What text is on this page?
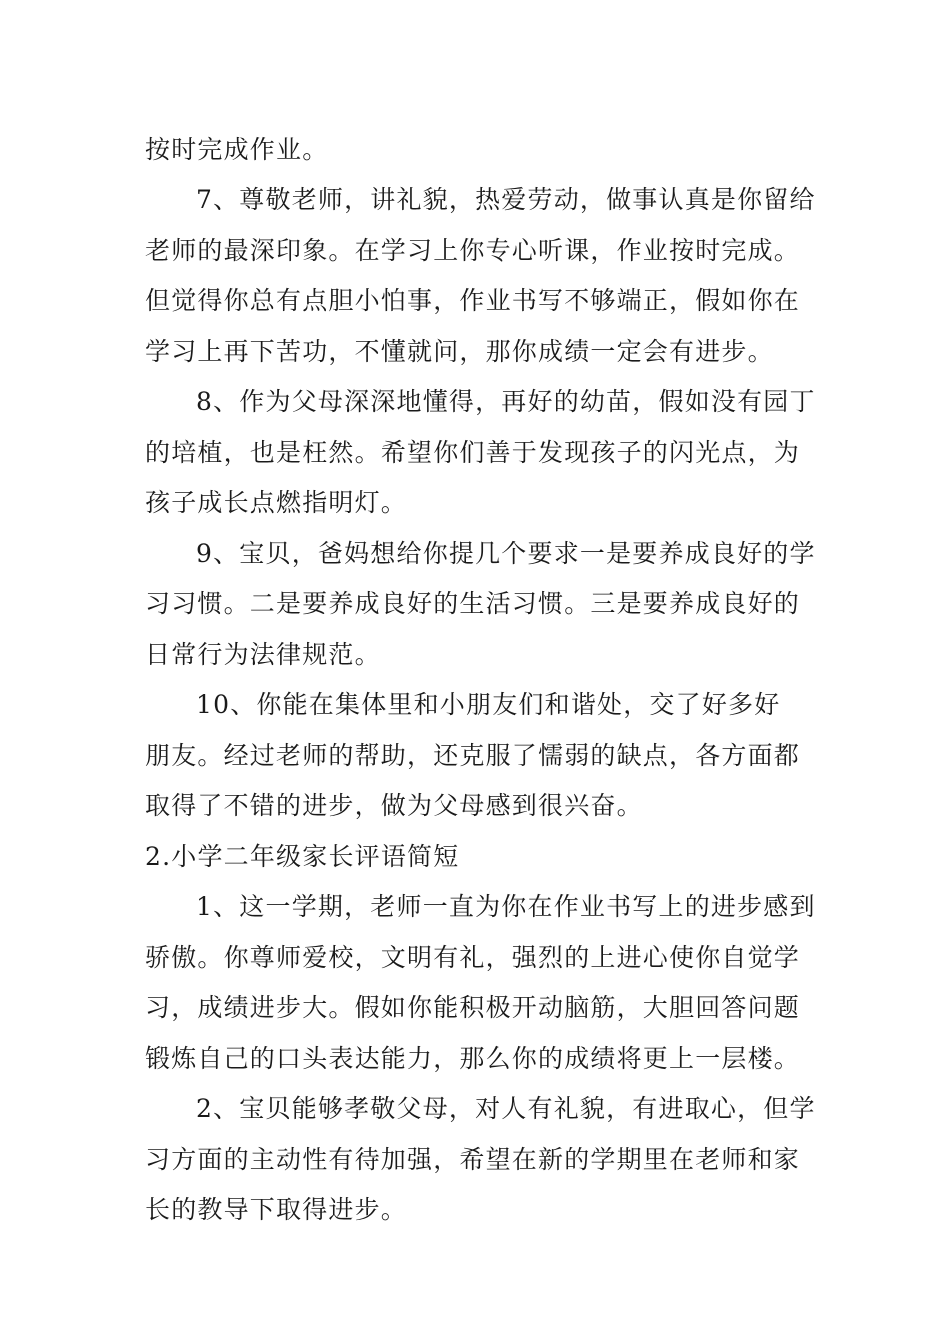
按时完成作业。
7、尊敬老师，讲礼貌，热爱劳动，做事认真是你留给
老师的最深印象。在学习上你专心听课，作业按时完成。
但觉得你总有点胆小怕事，作业书写不够端正，假如你在
学习上再下苦功，不懂就问，那你成绩一定会有进步。
8、作为父母深深地懂得，再好的幼苗，假如没有园丁
的培植，也是枉然。希望你们善于发现孩子的闪光点，为
孩子成长点燃指明灯。
9、宝贝，爸妈想给你提几个要求一是要养成良好的学
习习惯。二是要养成良好的生活习惯。三是要养成良好的
日常行为法律规范。
10、你能在集体里和小朋友们和谐处，交了好多好
朋友。经过老师的帮助，还克服了懦弱的缺点，各方面都
取得了不错的进步，做为父母感到很兴奋。
2.小学二年级家长评语简短
1、这一学期，老师一直为你在作业书写上的进步感到
骄傲。你尊师爱校，文明有礼，强烈的上进心使你自觉学
习，成绩进步大。假如你能积极开动脑筋，大胆回答问题
锻炼自己的口头表达能力，那么你的成绩将更上一层楼。
2、宝贝能够孝敬父母，对人有礼貌，有进取心，但学
习方面的主动性有待加强，希望在新的学期里在老师和家
长的教导下取得进步。
